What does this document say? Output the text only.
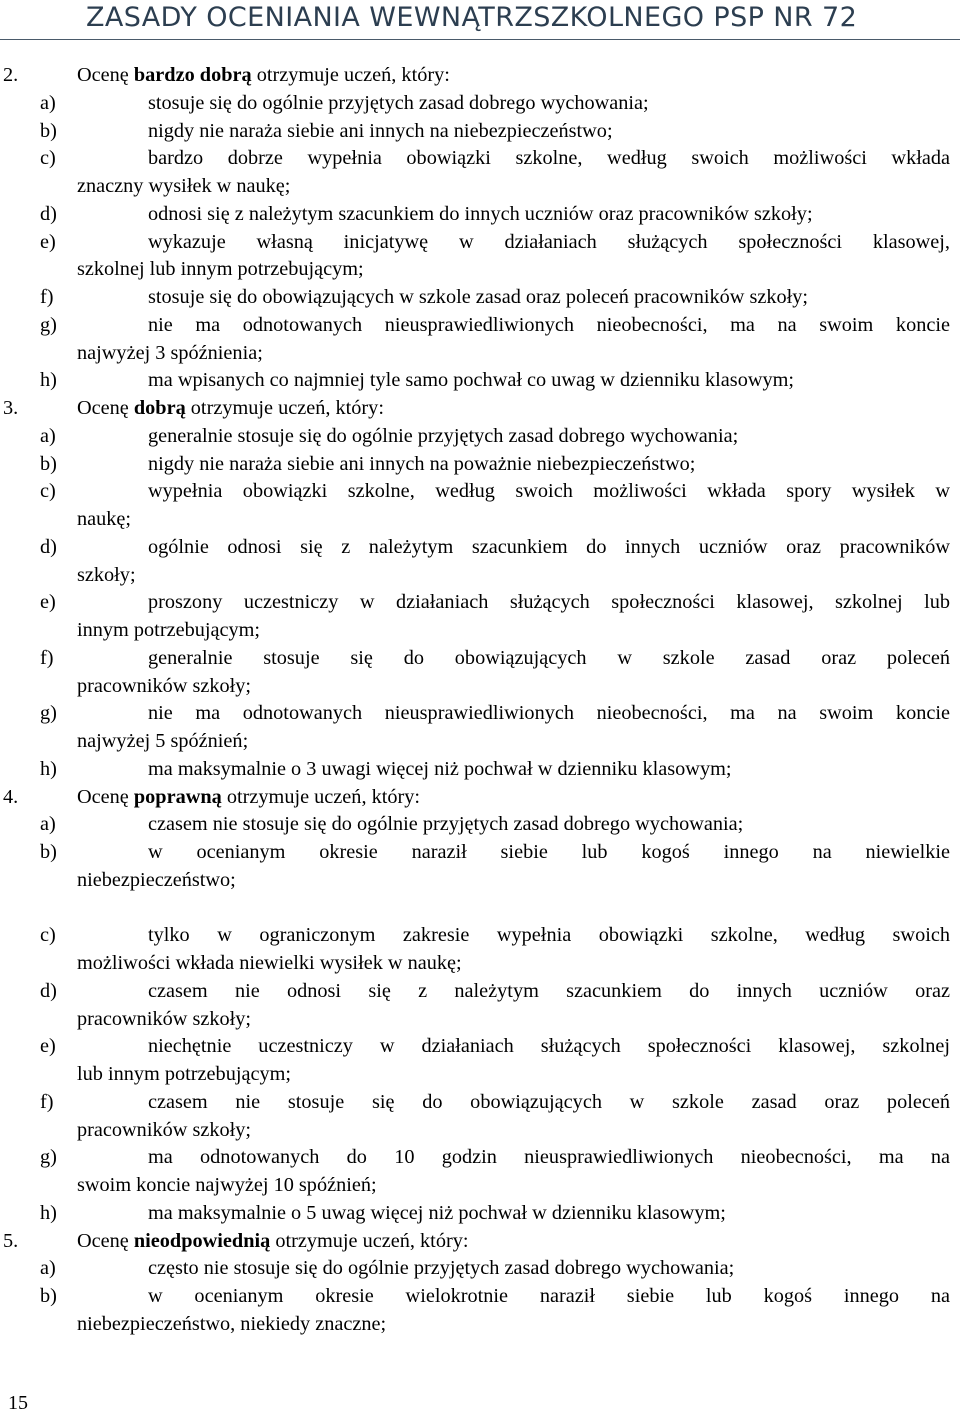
ZASADY OCENIANIA WEWNĄTRZSZKOLNEGO PSP NR 72
2.	Ocenę bardzo dobrą otrzymuje uczeń, który:
a)	stosuje się do ogólnie przyjętych zasad dobrego wychowania;
b)	nigdy nie naraża siebie ani innych na niebezpieczeństwo;
c)	bardzo dobrze wypełnia obowiązki szkolne, według swoich możliwości wkłada
znaczny wysiłek w naukę;
d)	odnosi się z należytym szacunkiem do innych uczniów oraz pracowników szkoły;
e)	wykazuje własną inicjatywę w działaniach służących społeczności klasowej,
szkolnej lub innym potrzebującym;
f)	stosuje się do obowiązujących w szkole zasad oraz poleceń pracowników szkoły;
g)	nie ma odnotowanych nieusprawiedliwionych nieobecności, ma na swoim koncie
najwyżej 3 spóźnienia;
h)	ma wpisanych co najmniej tyle samo pochwał co uwag w dzienniku klasowym;
3.	Ocenę dobrą otrzymuje uczeń, który:
a)	generalnie stosuje się do ogólnie przyjętych zasad dobrego wychowania;
b)	nigdy nie naraża siebie ani innych na poważnie niebezpieczeństwo;
c)	wypełnia obowiązki szkolne, według swoich możliwości wkłada spory wysiłek w
naukę;
d)	ogólnie odnosi się z należytym szacunkiem do innych uczniów oraz pracowników
szkoły;
e)	proszony uczestniczy w działaniach służących społeczności klasowej, szkolnej lub
innym potrzebującym;
f)	generalnie stosuje się do obowiązujących w szkole zasad oraz poleceń
pracowników szkoły;
g)	nie ma odnotowanych nieusprawiedliwionych nieobecności, ma na swoim koncie
najwyżej 5 spóźnień;
h)	ma maksymalnie o 3 uwagi więcej niż pochwał w dzienniku klasowym;
4.	Ocenę poprawną otrzymuje uczeń, który:
a)	czasem nie stosuje się do ogólnie przyjętych zasad dobrego wychowania;
b)	w ocenianym okresie naraził siebie lub kogoś innego na niewielkie
niebezpieczeństwo;
c)	tylko w ograniczonym zakresie wypełnia obowiązki szkolne, według swoich
możliwości wkłada niewielki wysiłek w naukę;
d)	czasem nie odnosi się z należytym szacunkiem do innych uczniów oraz
pracowników szkoły;
e)	niechętnie uczestniczy w działaniach służących społeczności klasowej, szkolnej
lub innym potrzebującym;
f)	czasem nie stosuje się do obowiązujących w szkole zasad oraz poleceń
pracowników szkoły;
g)	ma odnotowanych do 10 godzin nieusprawiedliwionych nieobecności, ma na
swoim koncie najwyżej 10 spóźnień;
h)	ma maksymalnie o 5 uwag więcej niż pochwał w dzienniku klasowym;
5.	Ocenę nieodpowiednią otrzymuje uczeń, który:
a)	często nie stosuje się do ogólnie przyjętych zasad dobrego wychowania;
b)	w ocenianym okresie wielokrotnie naraził siebie lub kogoś innego na
niebezpieczeństwo, niekiedy znaczne;
15
